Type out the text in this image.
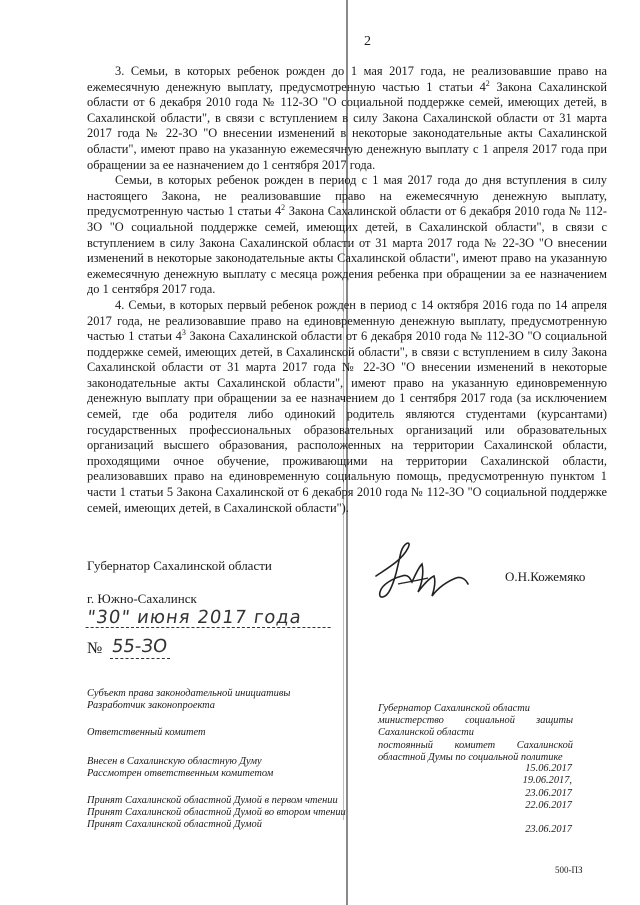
2

3. Семьи, в которых ребенок рожден до 1 мая 2017 года, не реализовавшие право на ежемесячную денежную выплату, предусмотренную частью 1 статьи $4^2$ Закона Сахалинской области от 6 декабря 2010 года № 112-ЗО "О социальной поддержке семей, имеющих детей, в Сахалинской области", в связи с вступлением в силу Закона Сахалинской области от 31 марта 2017 года № 22-ЗО "О внесении изменений в некоторые законодательные акты Сахалинской области", имеют право на указанную ежемесячную денежную выплату с 1 апреля 2017 года при обращении за ее назначением до 1 сентября 2017 года.

Семьи, в которых ребенок рожден в период с 1 мая 2017 года до дня вступления в силу настоящего Закона, не реализовавшие право на ежемесячную денежную выплату, предусмотренную частью 1 статьи $4^2$ Закона Сахалинской области от 6 декабря 2010 года № 112-ЗО "О социальной поддержке семей, имеющих детей, в Сахалинской области", в связи с вступлением в силу Закона Сахалинской области от 31 марта 2017 года № 22-ЗО "О внесении изменений в некоторые законодательные акты Сахалинской области", имеют право на указанную ежемесячную денежную выплату с месяца рождения ребенка при обращении за ее назначением до 1 сентября 2017 года.

4. Семьи, в которых первый ребенок рожден в период с 14 октября 2016 года по 14 апреля 2017 года, не реализовавшие право на единовременную денежную выплату, предусмотренную частью 1 статьи $4^3$ Закона Сахалинской области от 6 декабря 2010 года № 112-ЗО "О социальной поддержке семей, имеющих детей, в Сахалинской области", в связи с вступлением в силу Закона Сахалинской области от 31 марта 2017 года № 22-ЗО "О внесении изменений в некоторые законодательные акты Сахалинской области", имеют право на указанную единовременную денежную выплату при обращении за ее назначением до 1 сентября 2017 года (за исключением семей, где оба родителя либо одинокий родитель являются студентами (курсантами) государственных профессиональных образовательных организаций или образовательных организаций высшего образования, расположенных на территории Сахалинской области, проходящими очное обучение, проживающими на территории Сахалинской области, реализовавших право на единовременную социальную помощь, предусмотренную пунктом 1 части 1 статьи 5 Закона Сахалинской от 6 декабря 2010 года № 112-ЗО "О социальной поддержке семей, имеющих детей, в Сахалинской области").

Губернатор Сахалинской области
О.Н.Кожемяко
г. Южно-Сахалинск
"30" июня 2017 года
№ 55-ЗО
Субъект права законодательной инициативы
Разработчик законопроекта
Ответственный комитет
Внесен в Сахалинскую областную Думу
Рассмотрен ответственным комитетом
Принят Сахалинской областной Думой в первом чтении
Принят Сахалинской областной Думой во втором чтении
Принят Сахалинской областной Думой
Губернатор Сахалинской области
министерство социальной защиты Сахалинской области
постоянный комитет Сахалинской областной Думы по социальной политике
15.06.2017
19.06.2017,
23.06.2017
22.06.2017
23.06.2017
500-ПЗ
